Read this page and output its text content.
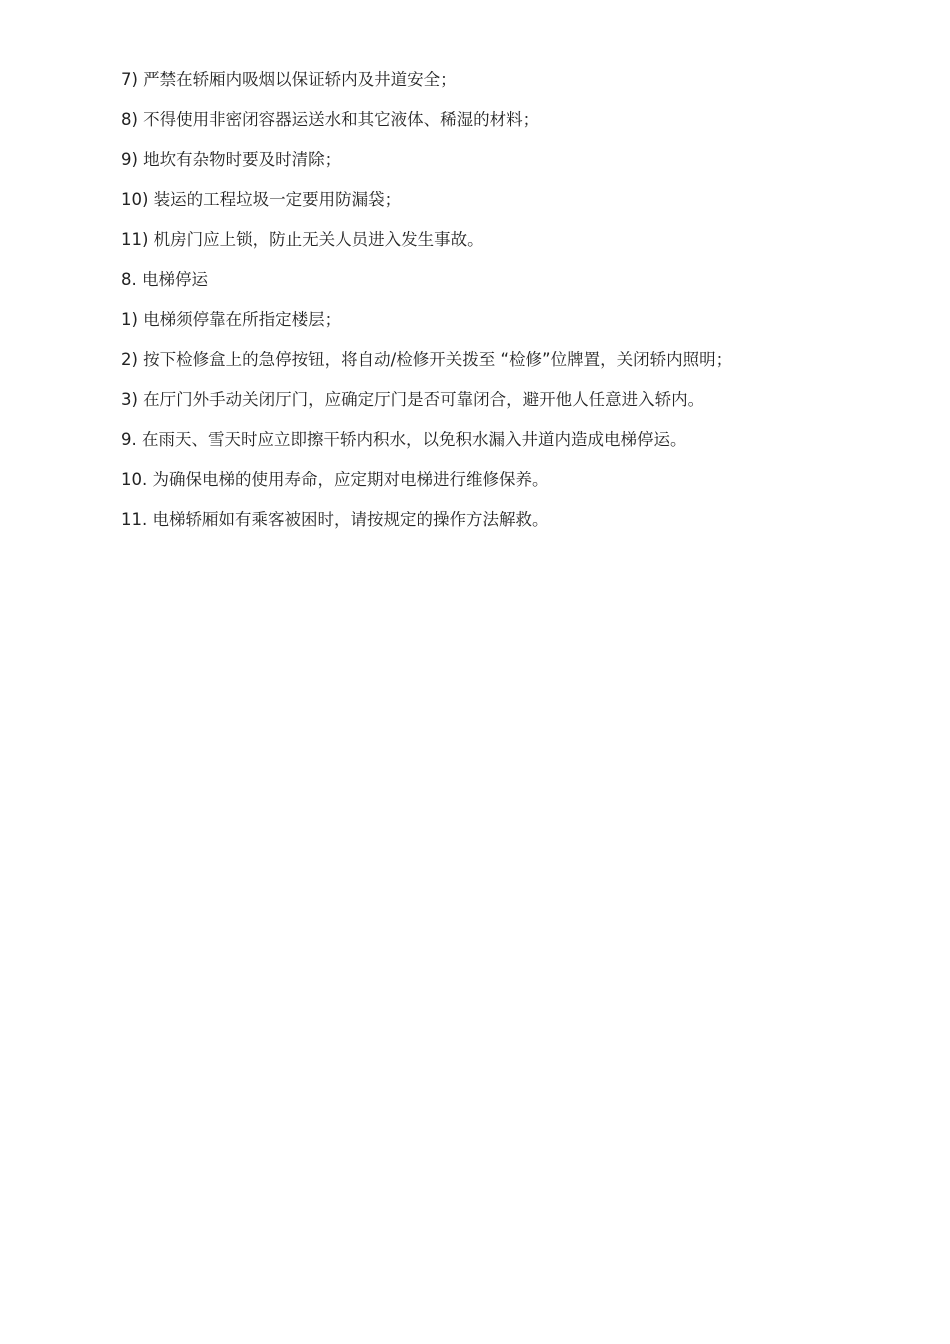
7) 严禁在轿厢内吸烟以保证轿内及井道安全；
8) 不得使用非密闭容器运送水和其它液体、稀湿的材料；
9) 地坎有杂物时要及时清除；
10) 装运的工程垃圾一定要用防漏袋；
11) 机房门应上锁，防止无关人员进入发生事故。
8. 电梯停运
1) 电梯须停靠在所指定楼层；
2) 按下检修盒上的急停按钮，将自动/检修开关拨至 “检修”位牌置，关闭轿内照明；
3) 在厅门外手动关闭厅门，应确定厅门是否可靠闭合，避开他人任意进入轿内。
9. 在雨天、雪天时应立即擦干轿内积水，以免积水漏入井道内造成电梯停运。
10. 为确保电梯的使用寿命，应定期对电梯进行维修保养。
11. 电梯轿厢如有乘客被困时，请按规定的操作方法解救。
